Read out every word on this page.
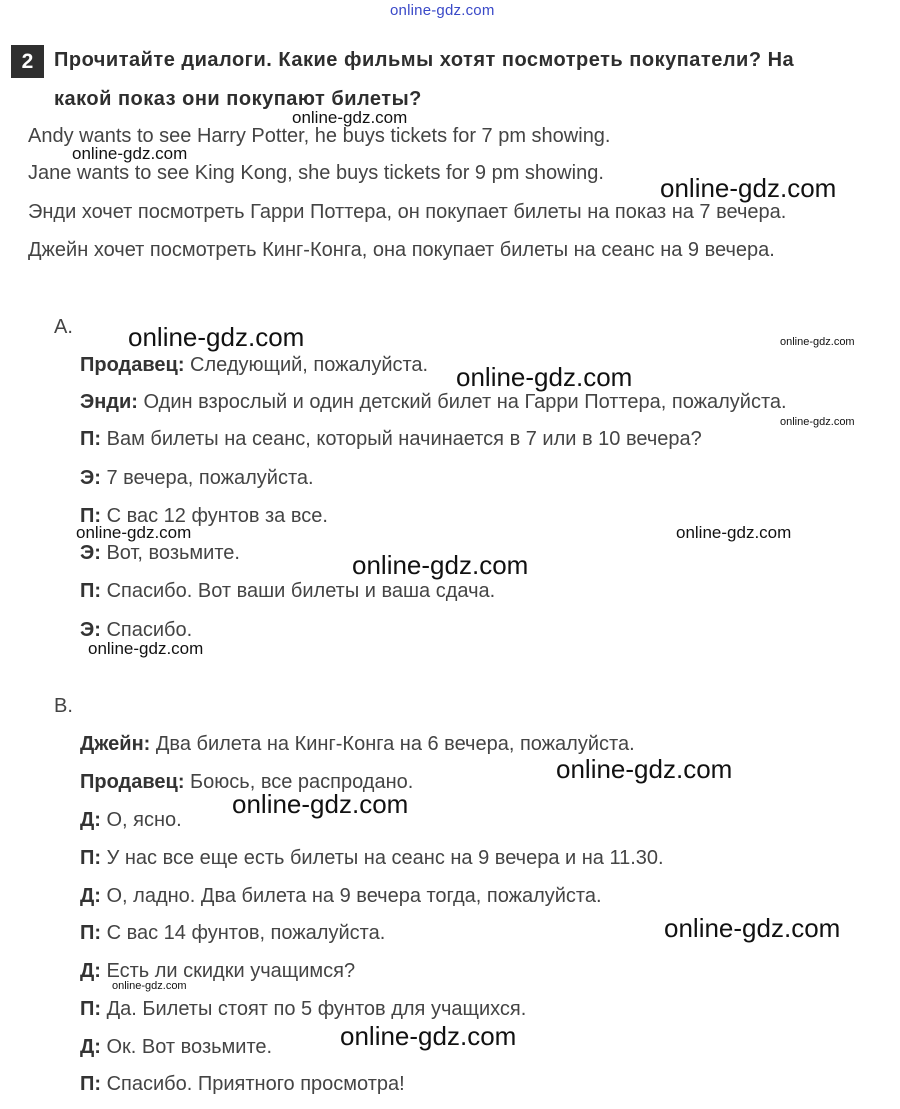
online-gdz.com
2	Прочитайте диалоги. Какие фильмы хотят посмотреть покупатели? На
какой показ они покупают билеты?
Andy wants to see Harry Potter, he buys tickets for 7 pm showing.
Jane wants to see King Kong, she buys tickets for 9 pm showing.
Энди хочет посмотреть Гарри Поттера, он покупает билеты на показ на 7 вечера.
Джейн хочет посмотреть Кинг-Конга, она покупает билеты на сеанс на 9 вечера.
A.
Продавец: Следующий, пожалуйста.
Энди: Один взрослый и один детский билет на Гарри Поттера, пожалуйста.
П: Вам билеты на сеанс, который начинается в 7 или в 10 вечера?
Э: 7 вечера, пожалуйста.
П: С вас 12 фунтов за все.
Э: Вот, возьмите.
П: Спасибо. Вот ваши билеты и ваша сдача.
Э: Спасибо.
B.
Джейн: Два билета на Кинг-Конга на 6 вечера, пожалуйста.
Продавец: Боюсь, все распродано.
Д: О, ясно.
П: У нас все еще есть билеты на сеанс на 9 вечера и на 11.30.
Д: О, ладно. Два билета на 9 вечера тогда, пожалуйста.
П: С вас 14 фунтов, пожалуйста.
Д: Есть ли скидки учащимся?
П: Да. Билеты стоят по 5 фунтов для учащихся.
Д: Ок. Вот возьмите.
П: Спасибо. Приятного просмотра!
online-gdz.com
online-gdz.com
online-gdz.com
online-gdz.com	online-gdz.com
online-gdz.com
online-gdz.com
online-gdz.com
online-gdz.com
online-gdz.com
online-gdz.com
online-gdz.com
online-gdz.com
online-gdz.com
online-gdz.com
online-gdz.com
